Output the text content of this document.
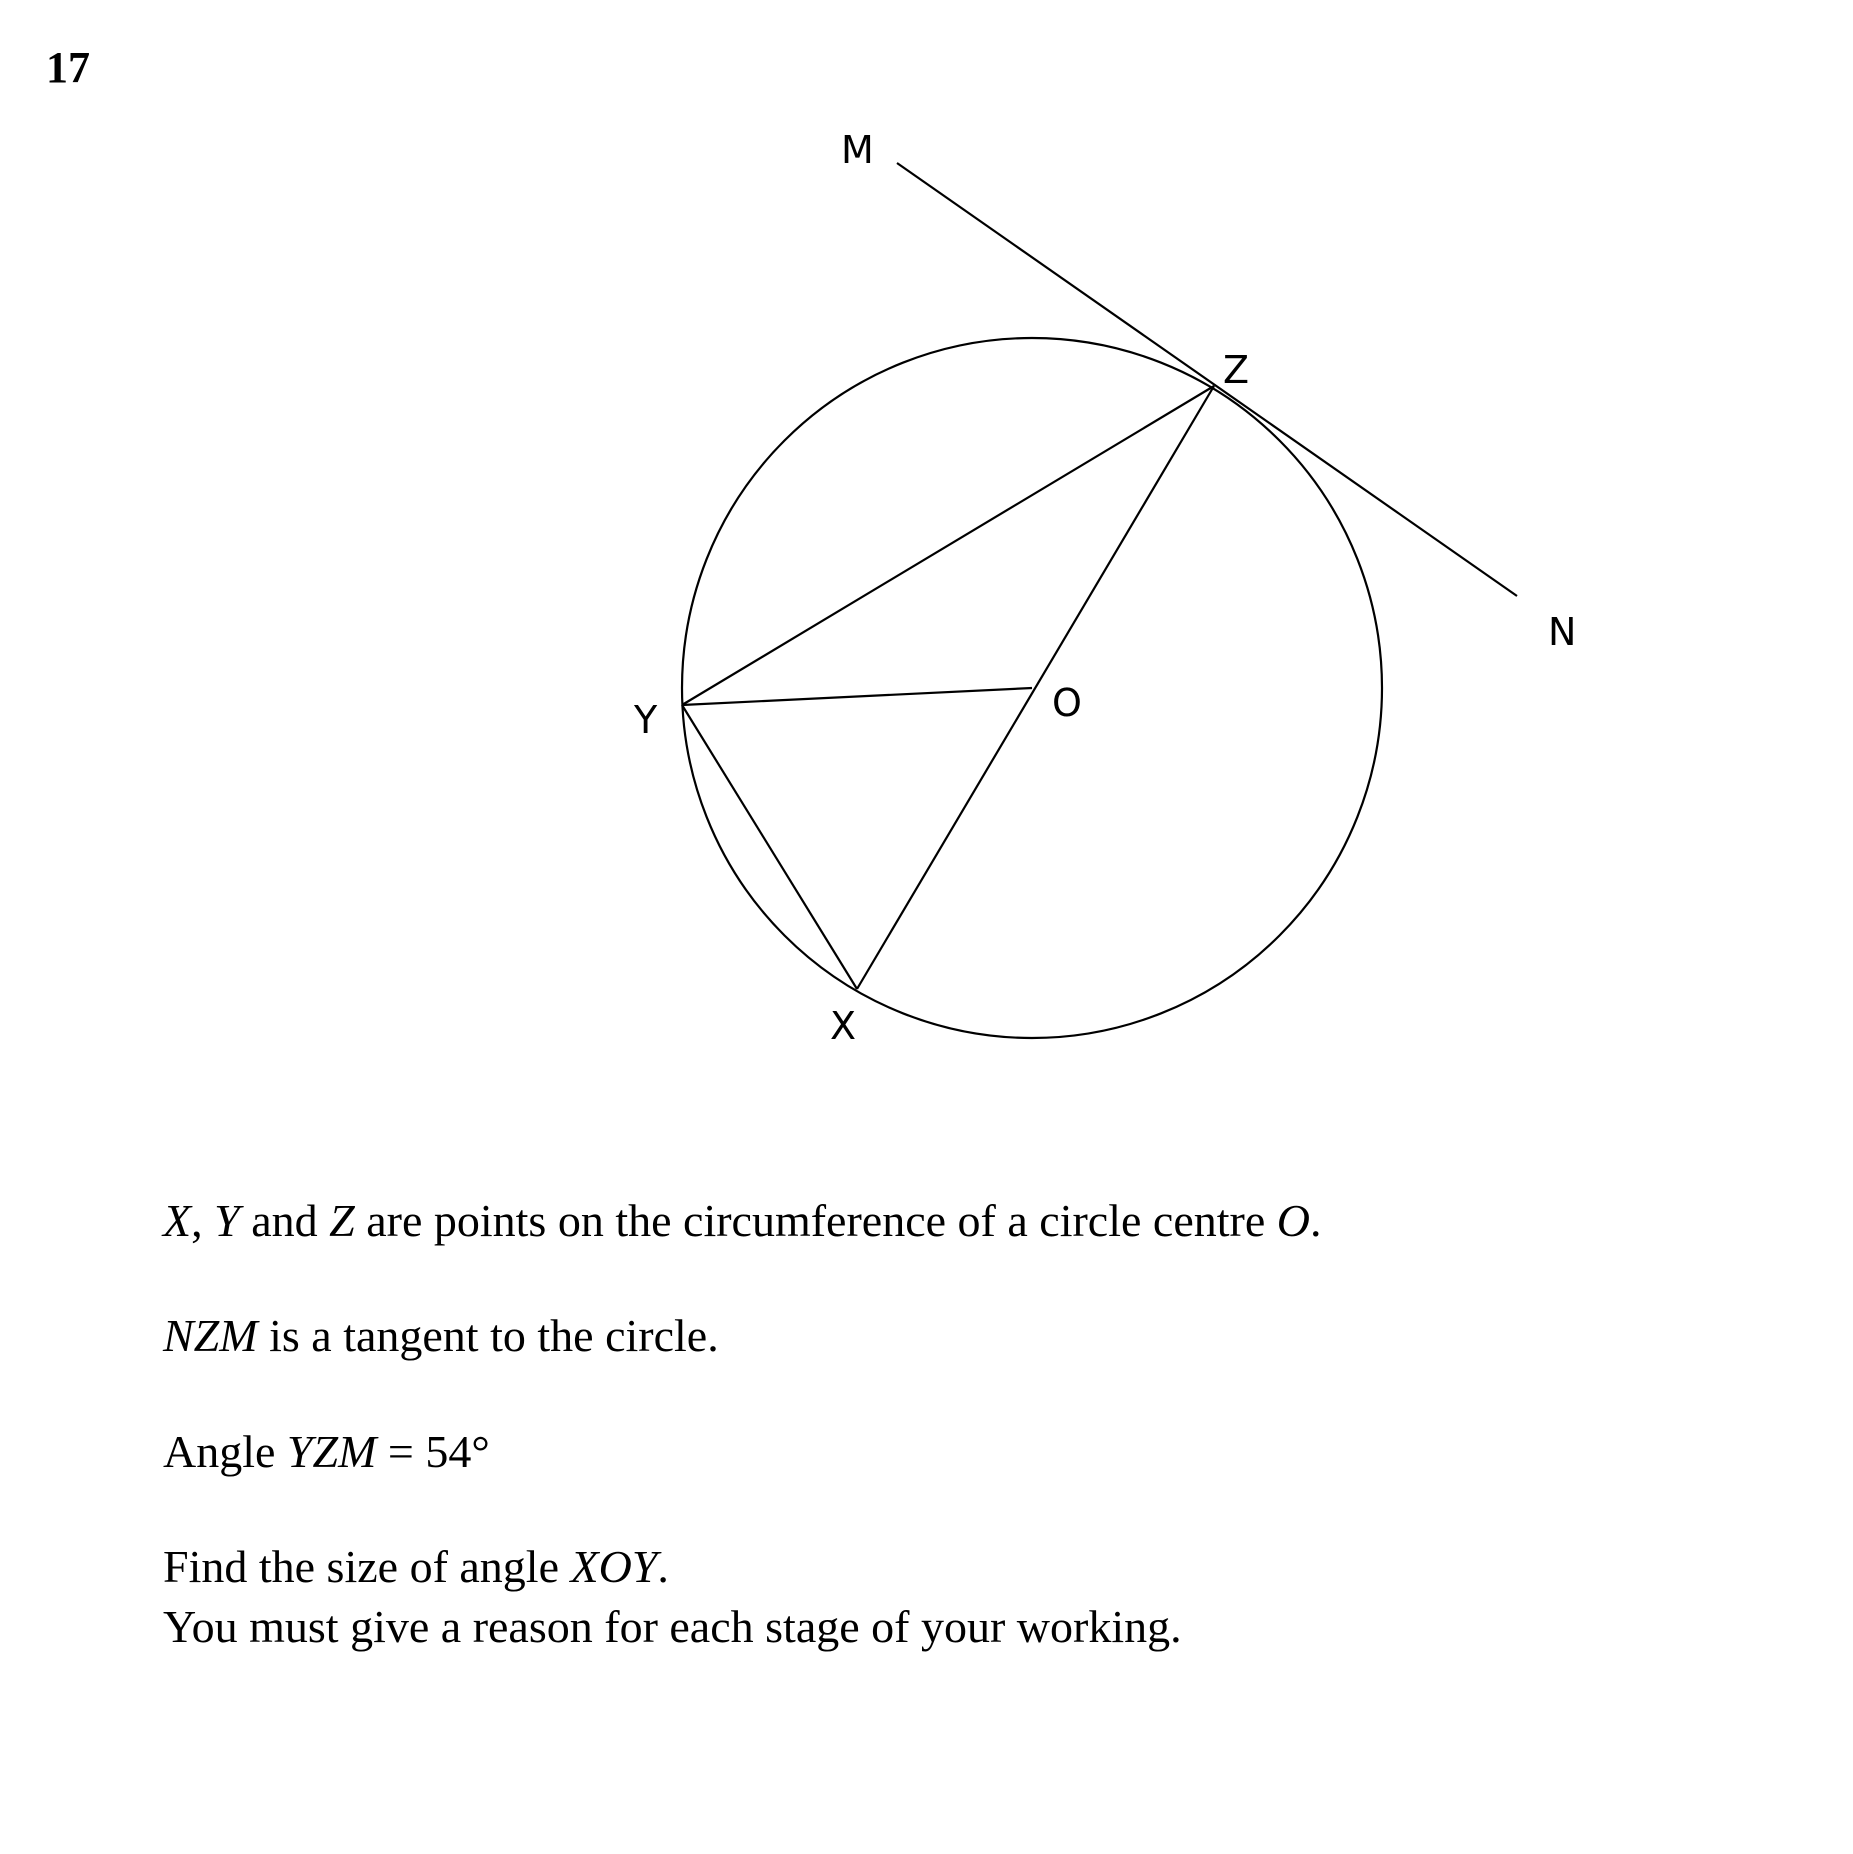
17
M
Z
N
O
Y
X
X, Y and Z are points on the circumference of a circle centre O.
NZM is a tangent to the circle.
Angle YZM = 54°
Find the size of angle XOY.
You must give a reason for each stage of your working.
